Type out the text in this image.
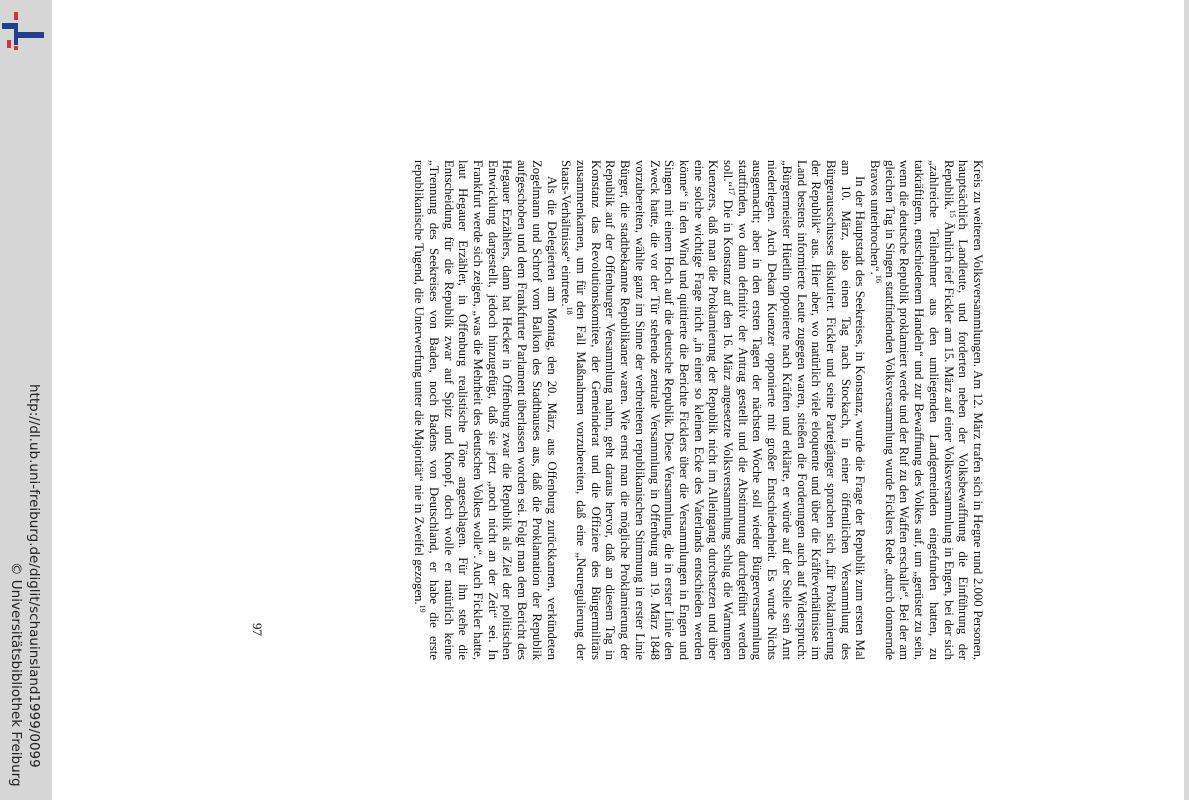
http://dl.ub.uni-freiburg.de/diglit/schauinsland1999/0099
© Universitätsbibliothek Freiburg

Kreis zu weiteren Volksversammlungen. Am 12. März trafen sich in Hegne rund 2.000 Personen, hauptsächlich Landleute, und forderten neben der Volksbewaffnung die Einführung der Republik.$^{15}$ Ähnlich rief Fickler am 15. März auf einer Volksversammlung in Engen, bei der sich „zahlreiche Teilnehmer aus den umliegenden Landgemeinden eingefunden hatten, zu tatkräftigem, entschiedenem Handeln“ und zur Bewaffnung des Volkes auf, um „gerüstet zu sein, wenn die deutsche Republik proklamiert werde und der Ruf zu den Waffen erschalle“. Bei der am gleichen Tag in Singen stattfindenden Volksversammlung wurde Ficklers Rede „durch donnernde Bravos unterbrochen“.$^{16}$

In der Hauptstadt des Seekreises, in Konstanz, wurde die Frage der Republik zum ersten Mal am 10. März, also einen Tag nach Stockach, in einer öffentlichen Versammlung des Bürgerausschusses diskutiert. Fickler und seine Parteigänger sprachen sich „für Proklamierung der Republik“ aus. Hier aber, wo natürlich viele eloquente und über die Kräfteverhältnisse im Land bestens informierte Leute zugegen waren, stießen die Forderungen auch auf Widerspruch: „Bürgermeister Hüetlin opponierte nach Kräften und erklärte, er würde auf der Stelle sein Amt niederlegen. Auch Dekan Kuenzer opponierte mit großer Entschiedenheit. Es wurde Nichts ausgemacht; aber in den ersten Tagen der nächsten Woche soll wieder Bürgerversammlung stattfinden, wo dann definitiv der Antrag gestellt und die Abstimmung durchgeführt werden soll.“$^{17}$ Die in Konstanz auf den 16. März angesetzte Volksversammlung schlug die Warnungen Kuenzers, daß man die Proklamierung der Republik nicht im Alleingang durchsetzen und über eine solche wichtige Frage nicht „in einer so kleinen Ecke des Vaterlands entschieden werden könne“ in den Wind und quittierte die Berichte Ficklers über die Versammlungen in Engen und Singen mit einem Hoch auf die deutsche Republik. Diese Versammlung, die in erster Linie den Zweck hatte, die vor der Tür stehende zentrale Versammlung in Offenburg am 19. März 1848 vorzubereiten, wählte ganz im Sinne der verbreiteten republikanischen Stimmung in erster Linie Bürger, die stadtbekannte Republikaner waren. Wie ernst man die mögliche Proklamierung der Republik auf der Offenburger Versammlung nahm, geht daraus hervor, daß an diesem Tag in Konstanz das Revolutionskomitee, der Gemeinderat und die Offiziere des Bürgermilitärs zusammenkamen, um für den Fall Maßnahmen vorzubereiten, daß eine „Neuregulierung der Staats-Verhältnisse“ eintrete.$^{18}$

Als die Delegierten am Montag, den 20. März, aus Offenburg zurückkamen, verkündeten Zogelmann und Schrof vom Balkon des Stadthauses aus, daß die Proklamation der Republik aufgeschoben und dem Frankfurter Parlament überlassen worden sei. Folgt man dem Bericht des Hegauer Erzählers, dann hat Hecker in Offenburg zwar die Republik als Ziel der politischen Entwicklung dargestellt, jedoch hinzugefügt, daß sie jetzt „noch nicht an der Zeit“ sei. In Frankfurt werde sich zeigen, „was die Mehrheit des deutschen Volkes wolle“. Auch Fickler hatte, laut Hegauer Erzähler, in Offenburg realistische Töne angeschlagen. Für ihn stehe die Entscheidung für die Republik zwar auf Spitz und Knopf, doch wolle er natürlich keine „Trennung des Seekreises von Baden, noch Badens von Deutschland, er habe die erste republikanische Tugend, die Unterwerfung unter die Majorität“ nie in Zweifel gezogen.$^{19}$

97
